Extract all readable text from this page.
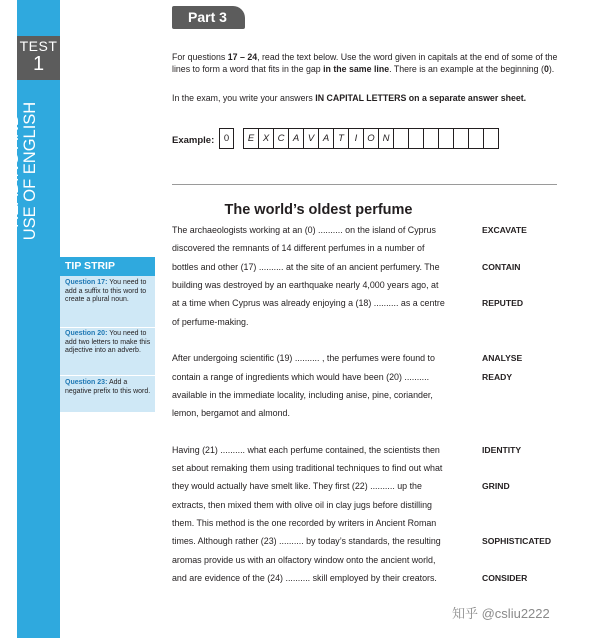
TEST
1
READING AND USE OF ENGLISH
TIP STRIP
Question 17: You need to add a suffix to this word to create a plural noun.
Question 20: You need to add two letters to make this adjective into an adverb.
Question 23: Add a negative prefix to this word.
Part 3
For questions 17 – 24, read the text below. Use the word given in capitals at the end of some of the lines to form a word that fits in the gap in the same line. There is an example at the beginning (0).
In the exam, you write your answers IN CAPITAL LETTERS on a separate answer sheet.
Example:	0	E X C A V A T	I	O N
The world’s oldest perfume
The archaeologists working at an (0) .......... on the island of Cyprus
discovered the remnants of 14 different perfumes in a number of
bottles and other (17) .......... at the site of an ancient perfumery. The
building was destroyed by an earthquake nearly 4,000 years ago, at
at a time when Cyprus was already enjoying a (18) .......... as a centre
of perfume-making.
After undergoing scientific (19) .......... , the perfumes were found to
contain a range of ingredients which would have been (20) ..........
available in the immediate locality, including anise, pine, coriander,
lemon, bergamot and almond.
Having (21) .......... what each perfume contained, the scientists then
set about remaking them using traditional techniques to find out what
they would actually have smelt like. They first (22) .......... up the
extracts, then mixed them with olive oil in clay jugs before distilling
them. This method is the one recorded by writers in Ancient Roman
times. Although rather (23) .......... by today’s standards, the resulting
aromas provide us with an olfactory window onto the ancient world,
and are evidence of the (24) .......... skill employed by their creators.
EXCAVATE
CONTAIN
REPUTED
ANALYSE
READY
IDENTITY
GRIND
SOPHISTICATED
CONSIDER
知乎 @csliu2222
